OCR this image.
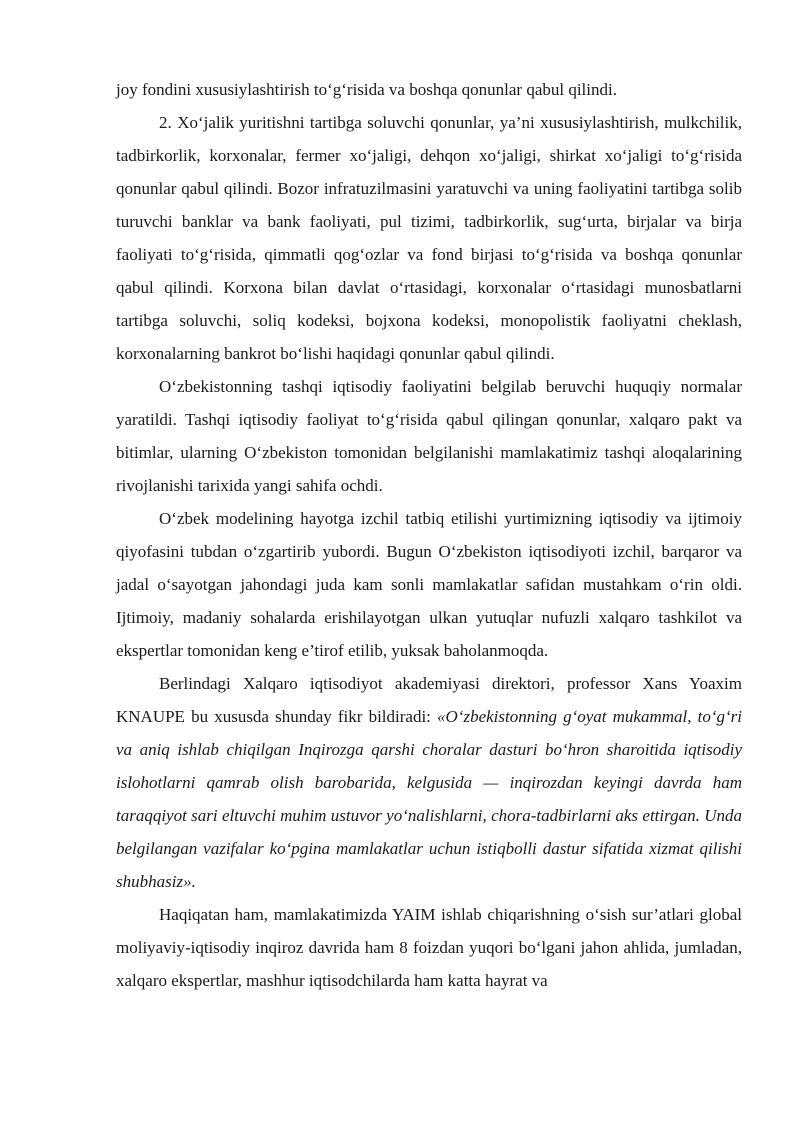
joy fondini xususiylashtirish to‘g‘risida va boshqa qonunlar qabul qilindi.

2. Xo‘jalik yuritishni tartibga soluvchi qonunlar, ya’ni xususiylashtirish, mulkchilik, tadbirkorlik, korxonalar, fermer xo‘jaligi, dehqon xo‘jaligi, shirkat xo‘jaligi to‘g‘risida qonunlar qabul qilindi. Bozor infratuzilmasini yaratuvchi va uning faoliyatini tartibga solib turuvchi banklar va bank faoliyati, pul tizimi, tadbirkorlik, sug‘urta, birjalar va birja faoliyati to‘g‘risida, qimmatli qog‘ozlar va fond birjasi to‘g‘risida va boshqa qonunlar qabul qilindi. Korxona bilan davlat o‘rtasidagi, korxonalar o‘rtasidagi munosbatlarni tartibga soluvchi, soliq kodeksi, bojxona kodeksi, monopolistik faoliyatni cheklash, korxonalarning bankrot bo‘lishi haqidagi qonunlar qabul qilindi.

O‘zbekistonning tashqi iqtisodiy faoliyatini belgilab beruvchi huquqiy normalar yaratildi. Tashqi iqtisodiy faoliyat to‘g‘risida qabul qilingan qonunlar, xalqaro pakt va bitimlar, ularning O‘zbekiston tomonidan belgilanishi mamlakatimiz tashqi aloqalarining rivojlanishi tarixida yangi sahifa ochdi.

O‘zbek modelining hayotga izchil tatbiq etilishi yurtimizning iqtisodiy va ijtimoiy qiyofasini tubdan o‘zgartirib yubordi. Bugun O‘zbekiston iqtisodiyoti izchil, barqaror va jadal o‘sayotgan jahondagi juda kam sonli mamlakatlar safidan mustahkam o‘rin oldi. Ijtimoiy, madaniy sohalarda erishilayotgan ulkan yutuqlar nufuzli xalqaro tashkilot va ekspertlar tomonidan keng e’tirof etilib, yuksak baholanmoqda.

Berlindagi Xalqaro iqtisodiyot akademiyasi direktori, professor Xans Yoaxim KNAUPE bu xususda shunday fikr bildiradi: «O‘zbekistonning g‘oyat mukammal, to‘g‘ri va aniq ishlab chiqilgan Inqirozga qarshi choralar dasturi bo‘hron sharoitida iqtisodiy islohotlarni qamrab olish barobarida, kelgusida — inqirozdan keyingi davrda ham taraqqiyot sari eltuvchi muhim ustuvor yo‘nalishlarni, chora-tadbirlarni aks ettirgan. Unda belgilangan vazifalar ko‘pgina mamlakatlar uchun istiqbolli dastur sifatida xizmat qilishi shubhasiz».

Haqiqatan ham, mamlakatimizda YAIM ishlab chiqarishning o‘sish sur’atlari global moliyaviy-iqtisodiy inqiroz davrida ham 8 foizdan yuqori bo‘lgani jahon ahlida, jumladan, xalqaro ekspertlar, mashhur iqtisodchilarda ham katta hayrat va
